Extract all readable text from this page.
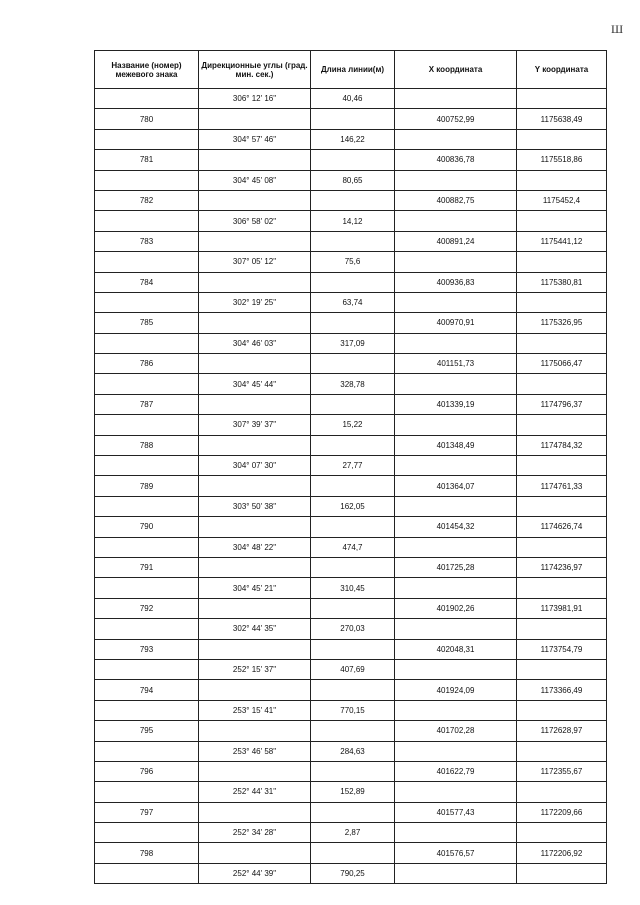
Ш
Название (номер) межевого знака	Дирекционные углы (град. мин. сек.)	Длина линии(м)	X координата	Y координата
	306° 12' 16"	40,46		
780			400752,99	1175638,49
	304° 57' 46"	146,22		
781			400836,78	1175518,86
	304° 45' 08"	80,65		
782			400882,75	1175452,4
	306° 58' 02"	14,12		
783			400891,24	1175441,12
	307° 05' 12"	75,6		
784			400936,83	1175380,81
	302° 19' 25"	63,74		
785			400970,91	1175326,95
	304° 46' 03"	317,09		
786			401151,73	1175066,47
	304° 45' 44"	328,78		
787			401339,19	1174796,37
	307° 39' 37"	15,22		
788			401348,49	1174784,32
	304° 07' 30"	27,77		
789			401364,07	1174761,33
	303° 50' 38"	162,05		
790			401454,32	1174626,74
	304° 48' 22"	474,7		
791			401725,28	1174236,97
	304° 45' 21"	310,45		
792			401902,26	1173981,91
	302° 44' 35"	270,03		
793			402048,31	1173754,79
	252° 15' 37"	407,69		
794			401924,09	1173366,49
	253° 15' 41"	770,15		
795			401702,28	1172628,97
	253° 46' 58"	284,63		
796			401622,79	1172355,67
	252° 44' 31"	152,89		
797			401577,43	1172209,66
	252° 34' 28"	2,87		
798			401576,57	1172206,92
	252° 44' 39"	790,25		
